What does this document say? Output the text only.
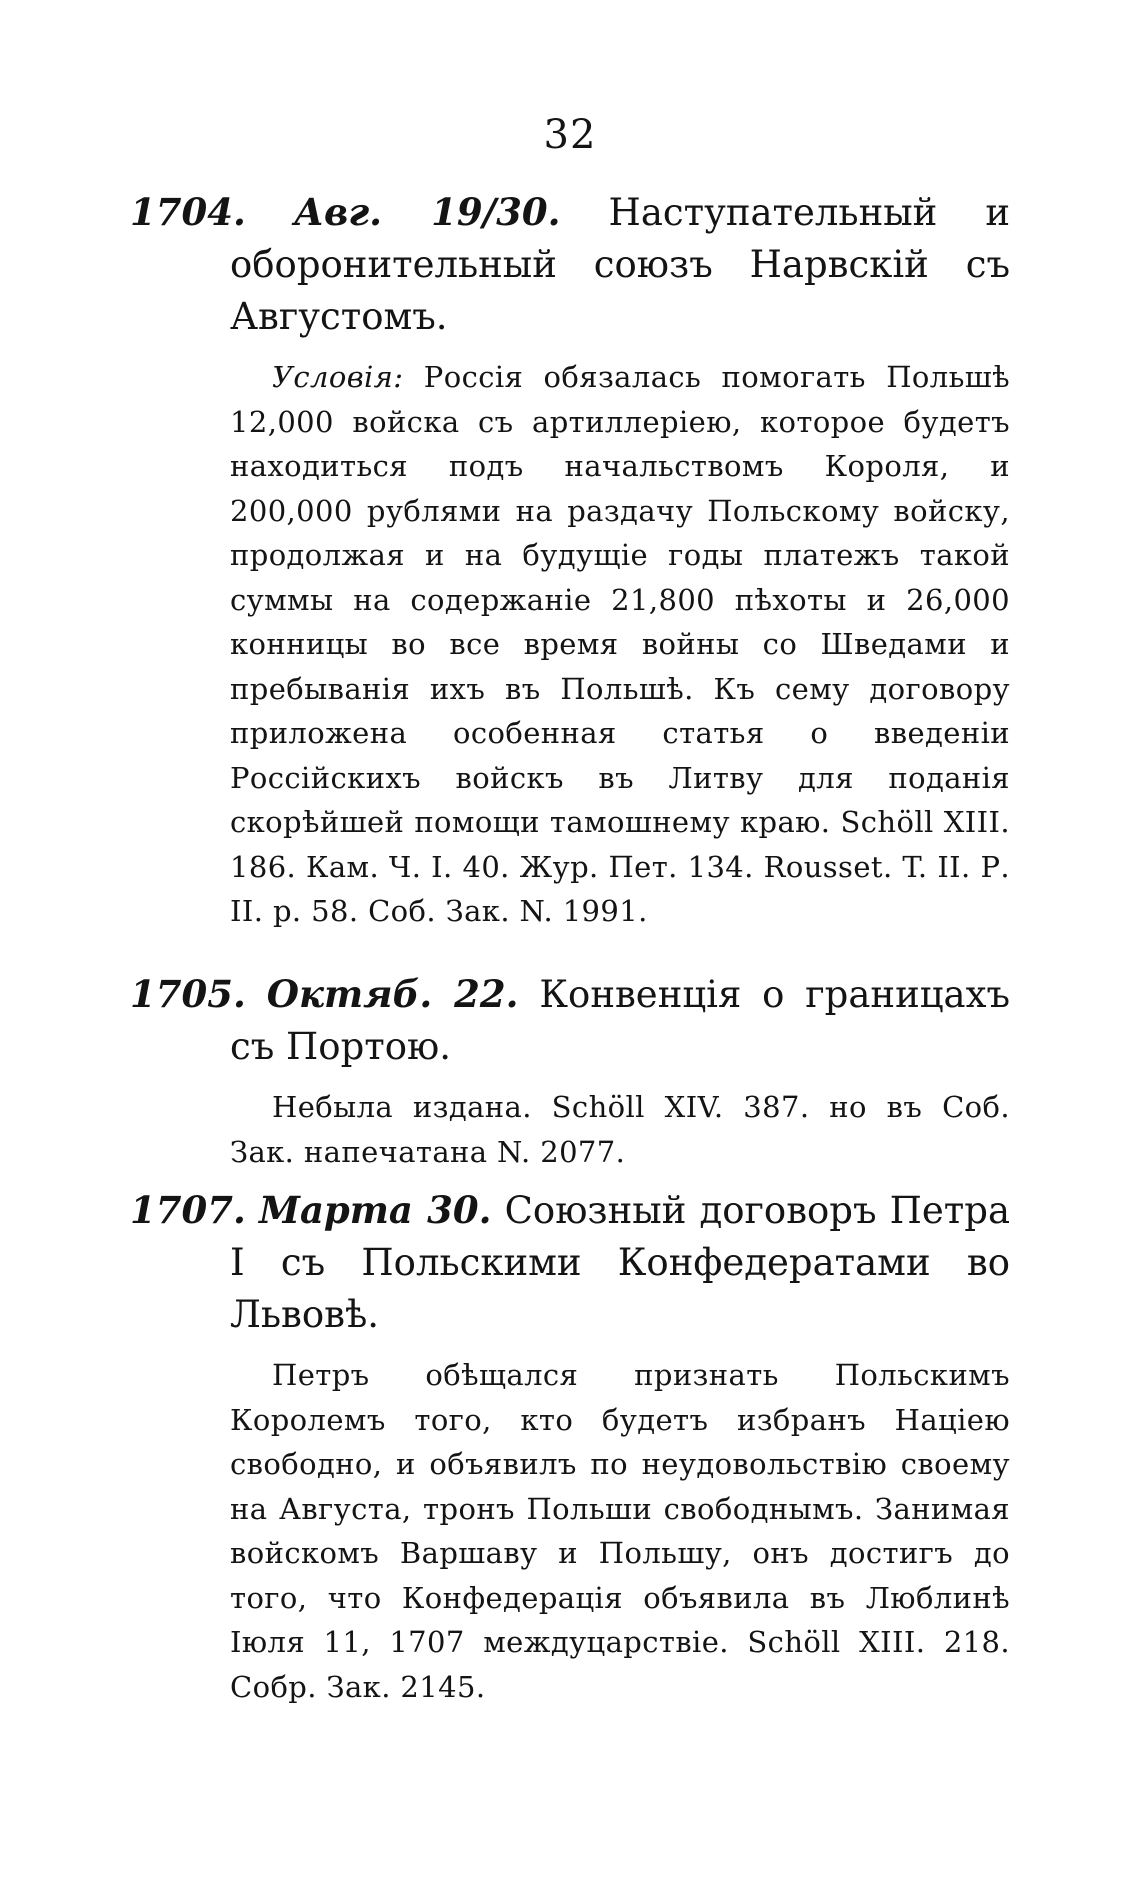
32
1704. Авг. 19/30. Наступательный и оборонительный союзъ Нарвскій съ Августомъ.
Условія: Россія обязалась помогать Польшѣ 12,000 войска съ артиллеріею, которое будетъ находиться подъ начальствомъ Короля, и 200,000 рублями на раздачу Польскому войску, продолжая и на будущіе годы платежъ такой суммы на содержаніе 21,800 пѣхоты и 26,000 конницы во все время войны со Шведами и пребыванія ихъ въ Польшѣ. Къ сему договору приложена особенная статья о введеніи Россійскихъ войскъ въ Литву для поданія скорѣйшей помощи тамошнему краю. Schöll XIII. 186. Кам. Ч. I. 40. Жур. Пет. 134. Rousset. T. II. Р. II. p. 58. Соб. Зак. N. 1991.
1705. Октяб. 22. Конвенція о границахъ съ Портою.
Небыла издана. Schöll XIV. 387. но въ Соб. Зак. напечатана N. 2077.
1707. Марта 30. Союзный договоръ Петра I съ Польскими Конфедератами во Львовѣ.
Петръ обѣщался признать Польскимъ Королемъ того, кто будетъ избранъ Націею свободно, и объявилъ по неудовольствію своему на Августа, тронъ Польши свободнымъ. Занимая войскомъ Варшаву и Польшу, онъ достигъ до того, что Конфедерація объявила въ Люблинѣ Іюля 11, 1707 междуцарствіе. Schöll XIII. 218. Собр. Зак. 2145.
